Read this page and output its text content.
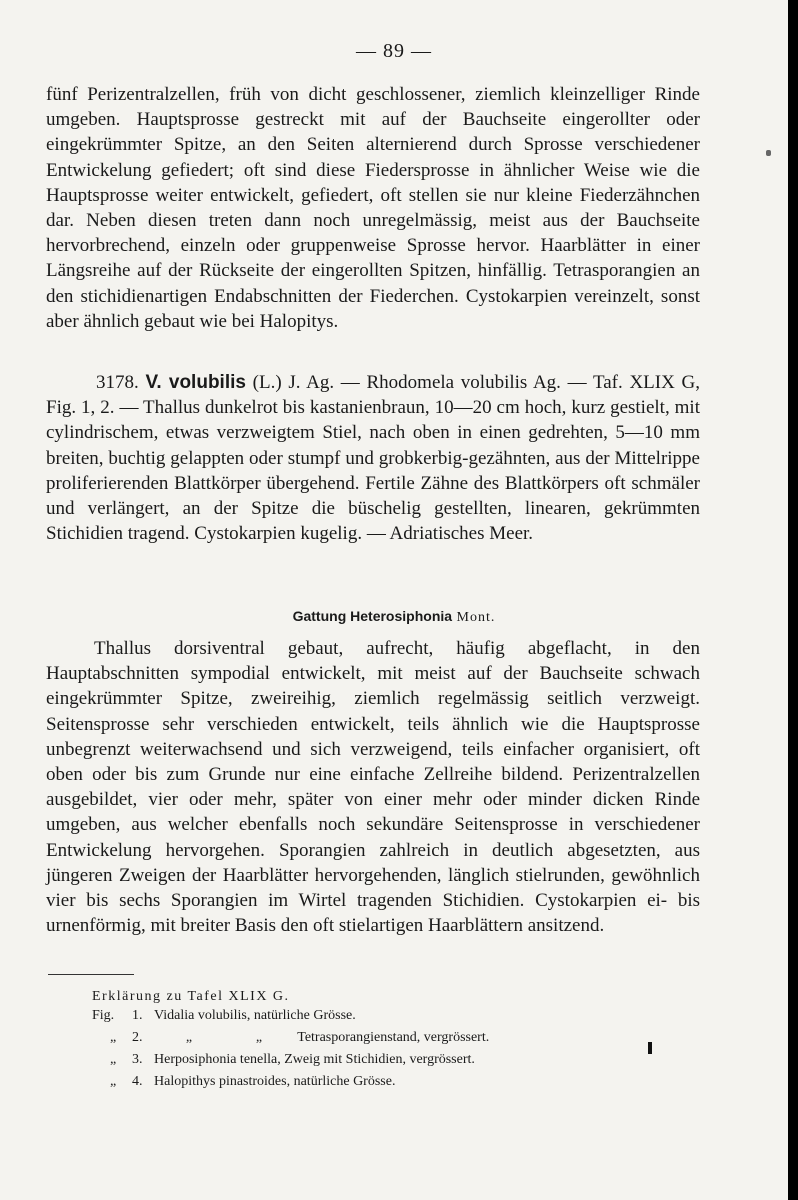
— 89 —

fünf Perizentralzellen, früh von dicht geschlossener, ziemlich kleinzelliger Rinde umgeben. Hauptsprosse gestreckt mit auf der Bauchseite eingerollter oder eingekrümmter Spitze, an den Seiten alternierend durch Sprosse verschiedener Entwickelung gefiedert; oft sind diese Fiedersprosse in ähnlicher Weise wie die Hauptsprosse weiter entwickelt, gefiedert, oft stellen sie nur kleine Fiederzähnchen dar. Neben diesen treten dann noch unregelmässig, meist aus der Bauchseite hervorbrechend, einzeln oder gruppenweise Sprosse hervor. Haarblätter in einer Längsreihe auf der Rückseite der eingerollten Spitzen, hinfällig. Tetrasporangien an den stichidienartigen Endabschnitten der Fiederchen. Cystokarpien vereinzelt, sonst aber ähnlich gebaut wie bei Halopitys.

3178. V. volubilis (L.) J. Ag. — Rhodomela volubilis Ag. — Taf. XLIX G, Fig. 1, 2. — Thallus dunkelrot bis kastanienbraun, 10—20 cm hoch, kurz gestielt, mit cylindrischem, etwas verzweigtem Stiel, nach oben in einen gedrehten, 5—10 mm breiten, buchtig gelappten oder stumpf und grobkerbig-gezähnten, aus der Mittelrippe proliferierenden Blattkörper übergehend. Fertile Zähne des Blattkörpers oft schmäler und verlängert, an der Spitze die büschelig gestellten, linearen, gekrümmten Stichidien tragend. Cystokarpien kugelig. — Adriatisches Meer.

Gattung Heterosiphonia Mont.

Thallus dorsiventral gebaut, aufrecht, häufig abgeflacht, in den Hauptabschnitten sympodial entwickelt, mit meist auf der Bauchseite schwach eingekrümmter Spitze, zweireihig, ziemlich regelmässig seitlich verzweigt. Seitensprosse sehr verschieden entwickelt, teils ähnlich wie die Hauptsprosse unbegrenzt weiterwachsend und sich verzweigend, teils einfacher organisiert, oft oben oder bis zum Grunde nur eine einfache Zellreihe bildend. Perizentralzellen ausgebildet, vier oder mehr, später von einer mehr oder minder dicken Rinde umgeben, aus welcher ebenfalls noch sekundäre Seitensprosse in verschiedener Entwickelung hervorgehen. Sporangien zahlreich in deutlich abgesetzten, aus jüngeren Zweigen der Haarblätter hervorgehenden, länglich stielrunden, gewöhnlich vier bis sechs Sporangien im Wirtel tragenden Stichidien. Cystokarpien ei- bis urnenförmig, mit breiter Basis den oft stielartigen Haarblättern ansitzend.

Erklärung zu Tafel XLIX G.
Fig.	1. Vidalia volubilis, natürliche Grösse.
„	2.	„	„	Tetrasporangienstand, vergrössert.
„	3. Herposiphonia tenella, Zweig mit Stichidien, vergrössert.
„	4. Halopithys pinastroides, natürliche Grösse.
